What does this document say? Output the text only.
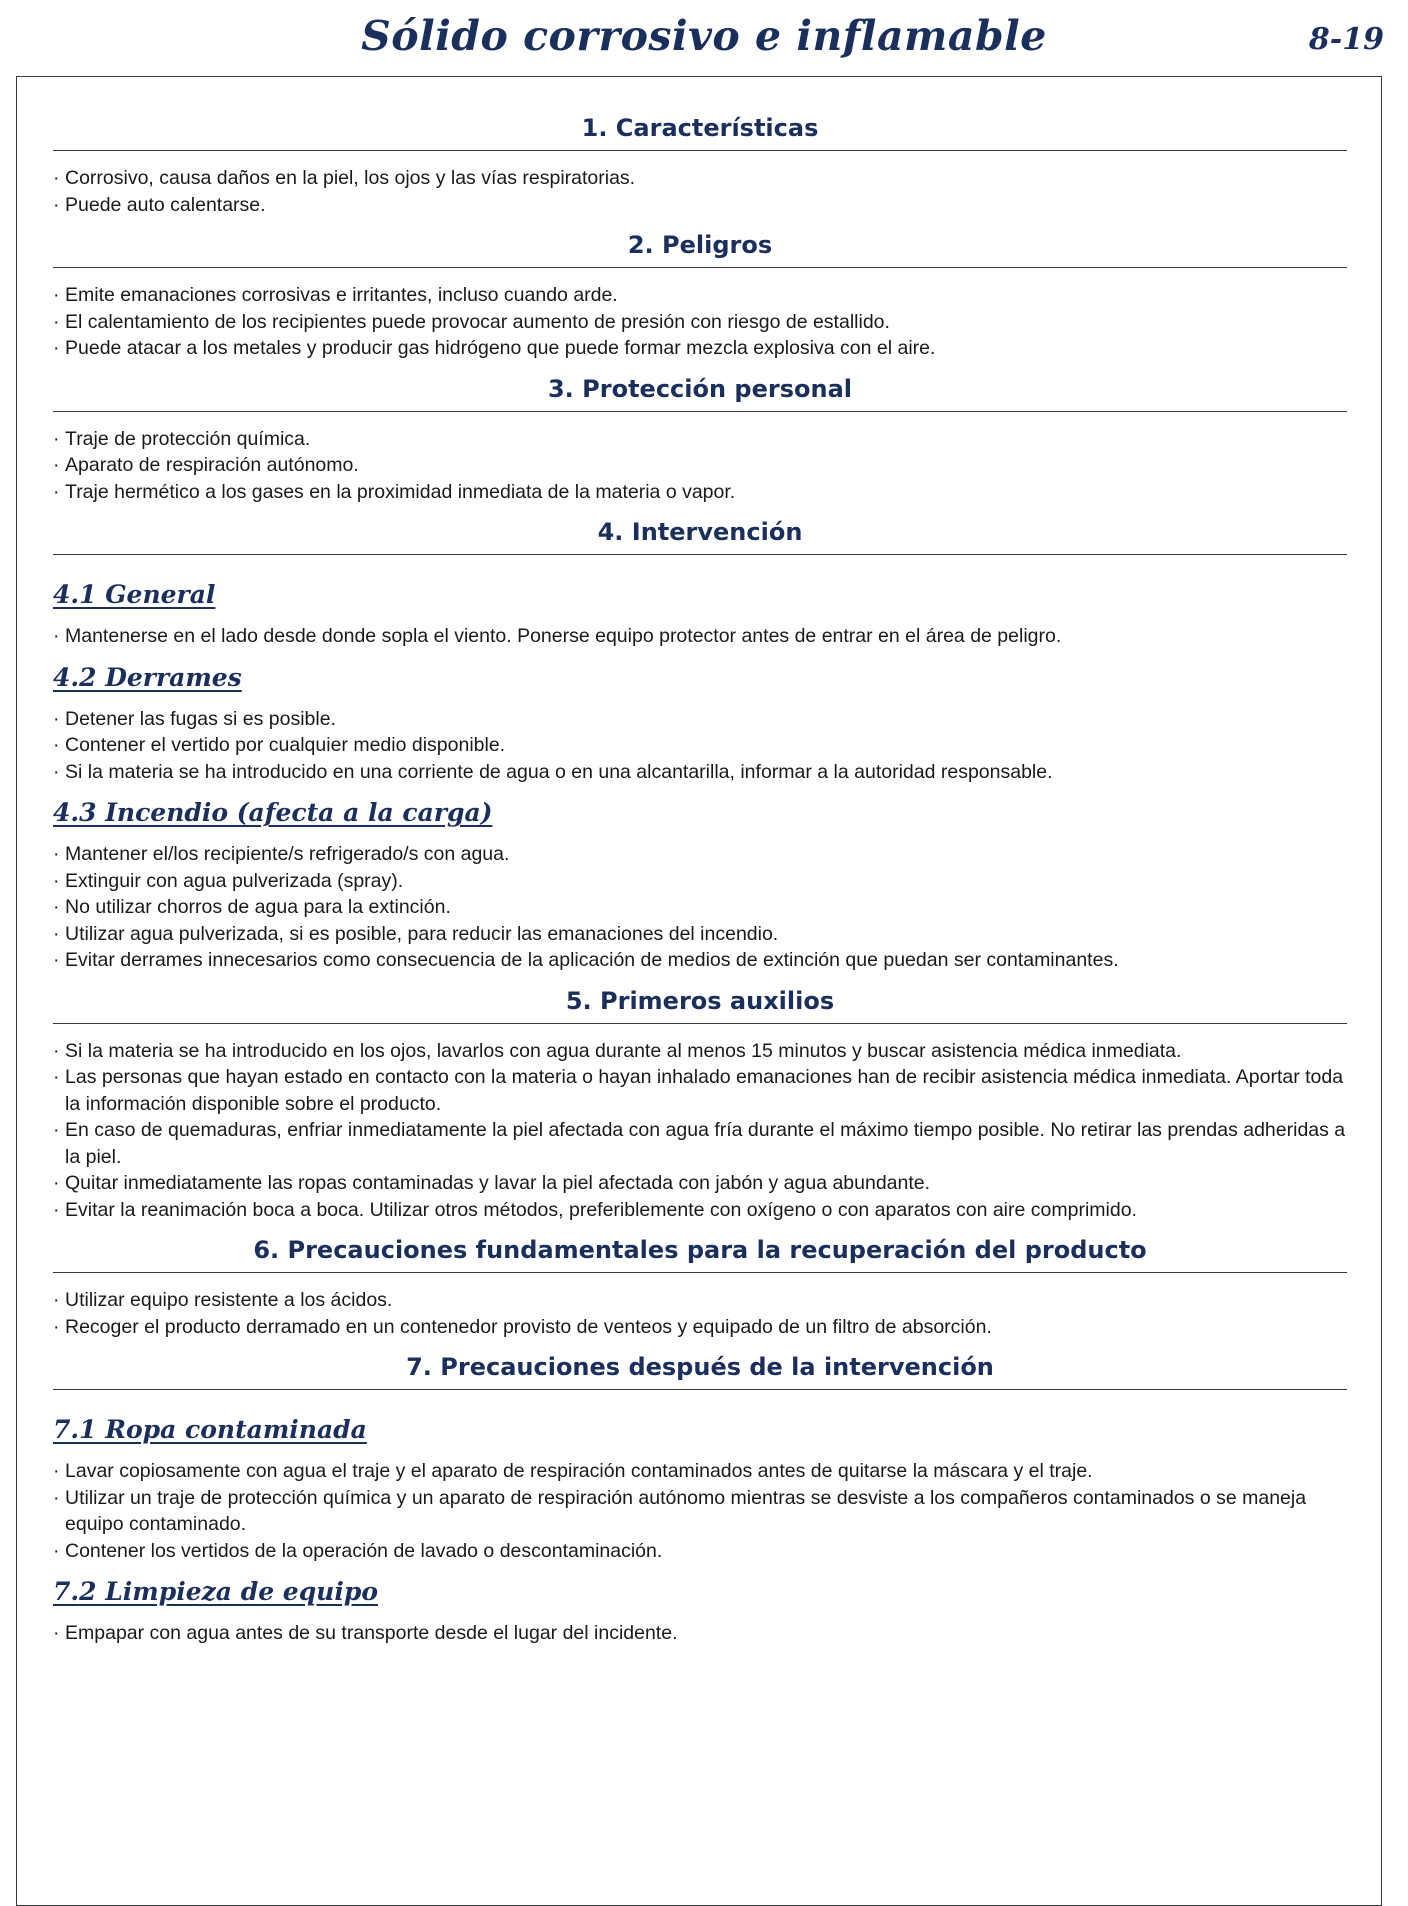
Sólido corrosivo e inflamable	8-19
1. Características
· Corrosivo, causa daños en la piel, los ojos y las vías respiratorias.
· Puede auto calentarse.
2. Peligros
· Emite emanaciones corrosivas e irritantes, incluso cuando arde.
· El calentamiento de los recipientes puede provocar aumento de presión con riesgo de estallido.
· Puede atacar a los metales y producir gas hidrógeno que puede formar mezcla explosiva con el aire.
3. Protección personal
· Traje de protección química.
· Aparato de respiración autónomo.
· Traje hermético a los gases en la proximidad inmediata de la materia o vapor.
4. Intervención
4.1 General
· Mantenerse en el lado desde donde sopla el viento. Ponerse equipo protector antes de entrar en el área de peligro.
4.2 Derrames
· Detener las fugas si es posible.
· Contener el vertido por cualquier medio disponible.
· Si la materia se ha introducido en una corriente de agua o en una alcantarilla, informar a la autoridad responsable.
4.3 Incendio (afecta a la carga)
· Mantener el/los recipiente/s refrigerado/s con agua.
· Extinguir con agua pulverizada (spray).
· No utilizar chorros de agua para la extinción.
· Utilizar agua pulverizada, si es posible, para reducir las emanaciones del incendio.
· Evitar derrames innecesarios como consecuencia de la aplicación de medios de extinción que puedan ser contaminantes.
5. Primeros auxilios
· Si la materia se ha introducido en los ojos, lavarlos con agua durante al menos 15 minutos y buscar asistencia médica inmediata.
· Las personas que hayan estado en contacto con la materia o hayan inhalado emanaciones han de recibir asistencia médica inmediata. Aportar toda la información disponible sobre el producto.
· En caso de quemaduras, enfriar inmediatamente la piel afectada con agua fría durante el máximo tiempo posible. No retirar las prendas adheridas a la piel.
· Quitar inmediatamente las ropas contaminadas y lavar la piel afectada con jabón y agua abundante.
· Evitar la reanimación boca a boca. Utilizar otros métodos, preferiblemente con oxígeno o con aparatos con aire comprimido.
6. Precauciones fundamentales para la recuperación del producto
· Utilizar equipo resistente a los ácidos.
· Recoger el producto derramado en un contenedor provisto de venteos y equipado de un filtro de absorción.
7. Precauciones después de la intervención
7.1 Ropa contaminada
· Lavar copiosamente con agua el traje y el aparato de respiración contaminados antes de quitarse la máscara y el traje.
· Utilizar un traje de protección química y un aparato de respiración autónomo mientras se desviste a los compañeros contaminados o se maneja equipo contaminado.
· Contener los vertidos de la operación de lavado o descontaminación.
7.2 Limpieza de equipo
· Empapar con agua antes de su transporte desde el lugar del incidente.
